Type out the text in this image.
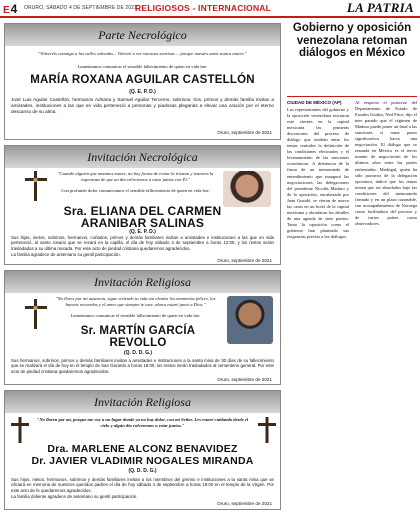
E4 ORURO, SÁBADO 4 DE SEPTIEMBRE DE 2021
RELIGIOSOS - INTERNACIONAL	LA PATRIA
Parte Necrológico
"Volveréis conmigo a las calles soleadas... Volveré a ver vuestras sonrisas ... porque nuestro amor nunca muere."
Lamentamos comunicar el sensible fallecimiento de quien en vida fue:
MARÍA ROXANA AGUILAR CASTELLÓN
(Q. E. P. D.)
José Luis Aguilar Castellón, hermanos Adriana y Samuel Aguilar Terceros, sobrinos, tíos, primos y demás familia invitan a amistades, instituciones a las que en vida perteneció a personas y piadosas plegarias a elevar una oración por el eterno descanso de su alma.
Oruro, septiembre de 2021
Invitación Necrológica
"Cuando alguien que amamos muere, no hay forma de evitar la tristeza y tenemos la esperanza de que un día volveremos a estar juntos con Él."
Con profundo dolor comunicamos el sensible fallecimiento de quien en vida fue:
Sra. ELIANA DEL CARMEN
ARANIBAR SALINAS
(Q. E. P. D.)
Sus hijas, nietos, sobrinos, hermanos, cuñados, primos y demás familiares invitan a amistades e instituciones a las que en vida perteneció, al santo rosario que se rezará en la capilla, el día de hoy sábado 4 de septiembre a horas 12:00, y los restos serán trasladados a su última morada. Por este acto de piedad cristiana quedaremos agradecidos.
La familia agradece de antemano su gentil participación.
Oruro, septiembre de 2021
Invitación Religiosa
"No llores por mi ausencia, sigue viviendo tu vida sin olvidar los momentos felices, los buenos recuerdos y el amor que siempre te tuve, ahora estaré junto a Dios."
Lamentamos comunicar el sensible fallecimiento de quien en vida fue:
Sr. MARTÍN GARCÍA
REVOLLO
(Q. D. D. G.)
Sus hermanos, sobrinos, primos y demás familiares invitan a amistades e instituciones a la santa misa de 30 días de su fallecimiento que se realizará el día de hoy en el templo de San Gerardo a horas 18:00, los restos serán trasladados al cementerio general. Por este acto de piedad cristiana quedaremos agradecidos.
Oruro, septiembre de 2021
Invitación Religiosa
"No lloren por mí, porque me voy a un lugar donde ya no hay dolor, con mi Señor. Les estaré cuidando desde el cielo y algún día volveremos a estar juntos."
Dra. MARLENE ALCONZ BENAVIDEZ
Dr. JAVIER VLADIMIR NOGALES MIRANDA
(Q. D. D. G.)
Sus hijos, nietos, hermanos, sobrinos y demás familiares invitan a los miembros del gremio e instituciones a la santa misa que se oficiará en memoria de nuestros queridos padres el día de hoy sábado 4 de septiembre a horas 19:00 en el templo de la Virgen. Por este acto de fe quedaremos agradecidos.
La familia doliente agradece de antemano su gentil participación.
Oruro, septiembre de 2021
Gobierno y oposición venezolana retoman diálogos en México
CIUDAD DE MÉXICO (AP)
Los representantes del gobierno y la oposición venezolana iniciaron este viernes en la capital mexicana las primeras discusiones del proceso de diálogo que tendrán entre los temas centrales la definición de las condiciones electorales y el levantamiento de las sanciones económicas. A diferencia de la firma de un memorando de entendimiento que inauguró las negociaciones, las delegaciones del presidente Nicolás Maduro y de la oposición, encabezada por Juan Guaidó, se vieron de nuevo las caras en un hotel de la capital mexicana y abordaron los detalles de una agenda de siete puntos. Tanto la oposición como el gobierno han planteado sus exigencias previas a los diálogos.
Al respecto el portavoz del Departamento de Estado de Estados Unidos, Ned Price, dijo el mes pasado que el régimen de Maduro puede poner un final a las sanciones si toma pasos significativos hacia una negociación. El diálogo que se reanuda en México es el tercer intento de negociación de los últimos años entre las partes enfrentadas. Madrigal, quien ha sido portavoz de la delegación opositora, indicó que los temas tienen que ser abordados bajo las condiciones del memorando firmado y en un plazo razonable, con acompañamiento de Noruega como facilitadora del proceso y de varios países como observadores.
